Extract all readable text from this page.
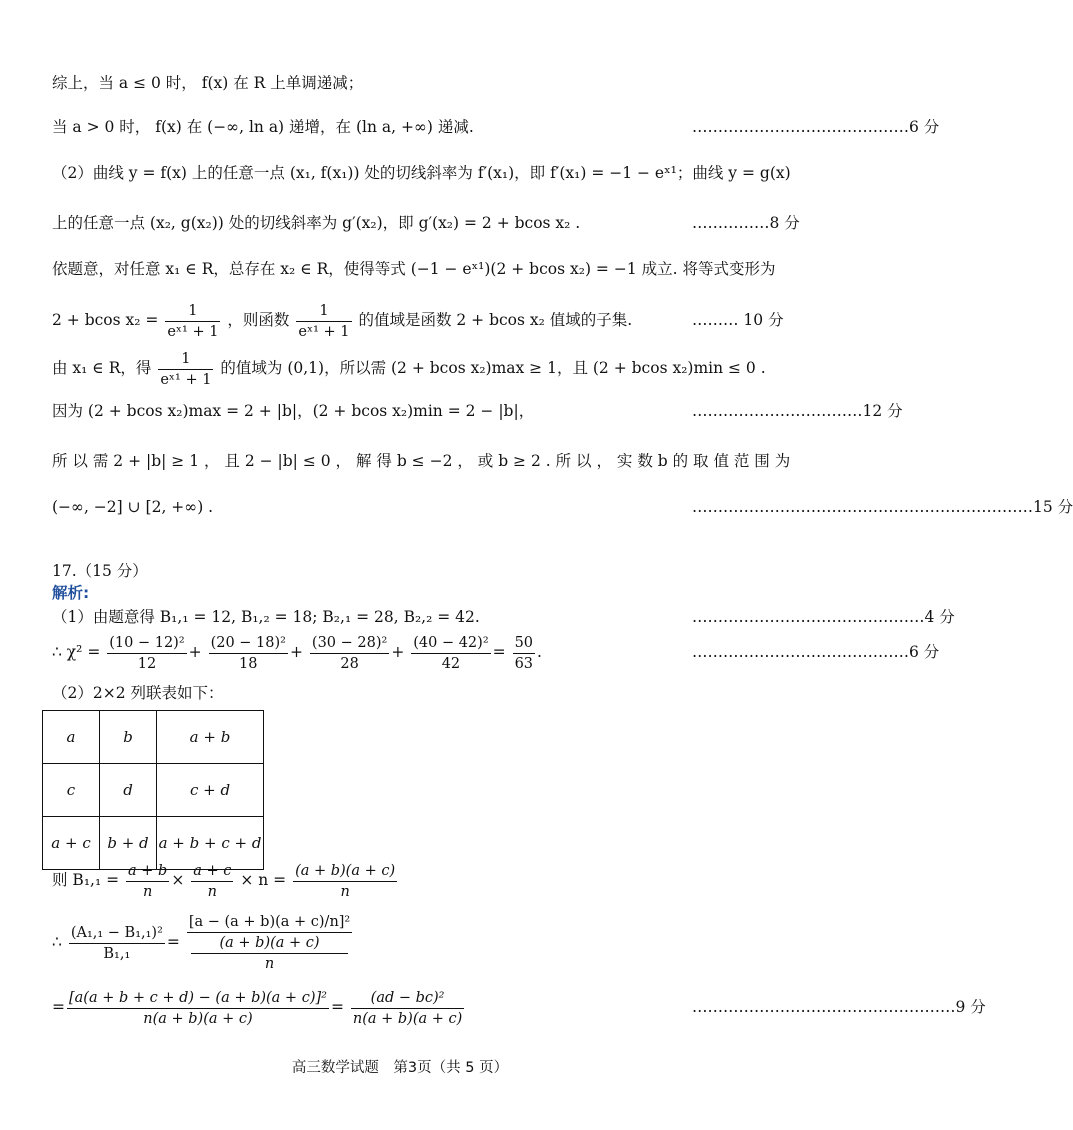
综上，当 a ≤ 0 时， f(x) 在 R 上单调递减；
当 a > 0 时， f(x) 在 (−∞, ln a) 递增，在 (ln a, +∞) 递减.	……………………………………6 分
（2）曲线 y = f(x) 上的任意一点 (x₁, f(x₁)) 处的切线斜率为 f′(x₁)，即 f′(x₁) = −1 − eˣ¹；曲线 y = g(x)
上的任意一点 (x₂, g(x₂)) 处的切线斜率为 g′(x₂)，即 g′(x₂) = 2 + bcos x₂ .	……………8 分
依题意，对任意 x₁ ∈ R，总存在 x₂ ∈ R，使得等式 (−1 − eˣ¹)(2 + bcos x₂) = −1 成立. 将等式变形为
2 + bcos $x_2 = \frac{1}{\text{eˣ¹ + 1}}$ ，则函数 $\frac{1}{\text{eˣ¹ + 1}}$ 的值域是函数 2 + bcos x₂ 值域的子集.	……… 10 分
由 x₁ ∈ R，得 $\frac{1}{\text{eˣ¹ + 1}}$ 的值域为 (0,1)，所以需 (2 + bcos x₂)max ≥ 1，且 (2 + bcos x₂)min ≤ 0 .
因为 (2 + bcos x₂)max = 2 + |b|，(2 + bcos x₂)min = 2 − |b|，	……………………………12 分
所 以 需 2 + |b| ≥ 1 ， 且 2 − |b| ≤ 0 ， 解 得 b ≤ −2 ， 或 b ≥ 2 . 所 以 ， 实 数 b 的 取 值 范 围 为
(−∞, −2] ∪ [2, +∞) .	…………………………………………………………15 分
17.（15 分）
解析:
（1）由题意得 B₁,₁ = 12, B₁,₂ = 18; B₂,₁ = 28, B₂,₂ = 42.	………………………………………4 分
∴ $\chi^2 = \frac{\text{(10 − 12)²}}{12} + \frac{\text{(20 − 18)²}}{18} + \frac{\text{(30 − 28)²}}{28} + \frac{\text{(40 − 42)²}}{42} = \frac{50}{63}$ .	……………………………………6 分
（2）2×2 列联表如下：
a	b	a + b
c	d	c + d
a + c	b + d	a + b + c + d
则 $B_1,_1 = \frac{a + b}{n} \times \frac{a + c}{n} \times n = \frac{(a + b)(a + c)}{n}$
∴ $\frac{\text{(A₁,₁ − B₁,₁)²}}{\text{B₁,₁}} = [a - (a + b)(a + c)/n]^2$
(a + b)(a + c)
n
= $\frac{\text{[a(a + b + c + d) − (a + b)(a + c)]²}}{n(a + b)(a + c)} = \frac{\text{(ad − bc)²}}{n(a + b)(a + c)}$	……………………………………………9 分
高三数学试题　第3页（共 5 页）
